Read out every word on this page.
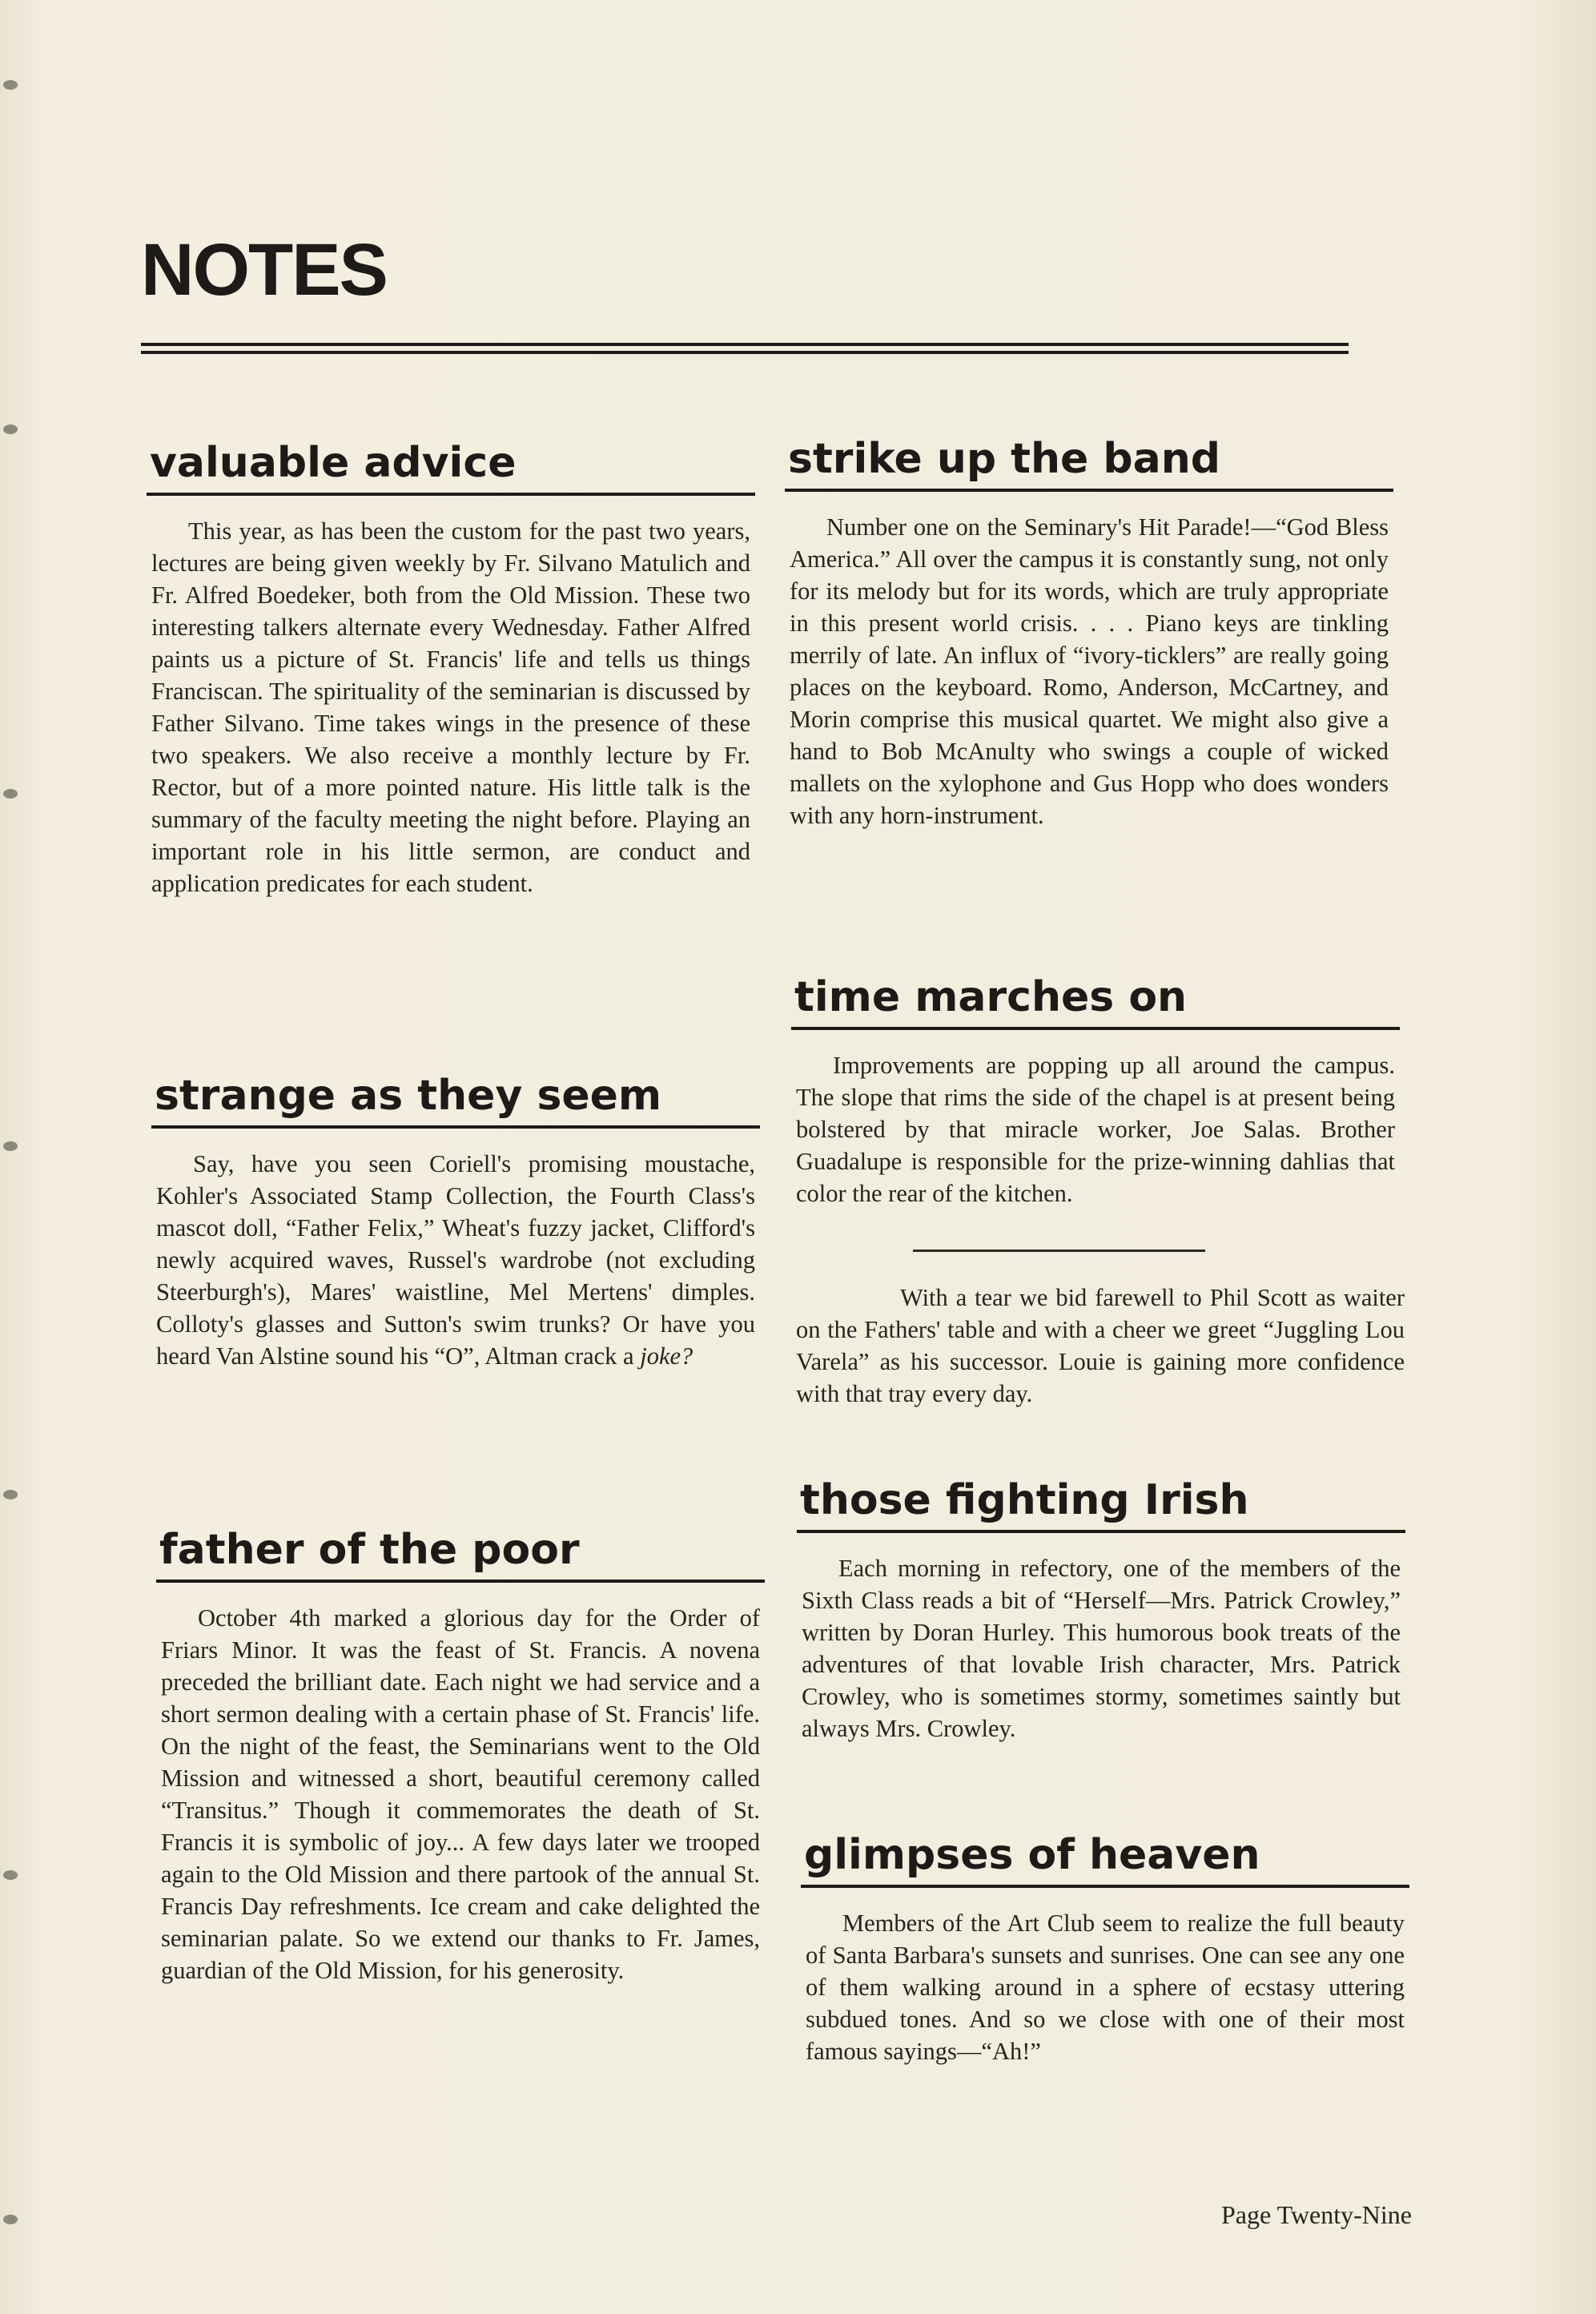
NOTES
valuable advice

This year, as has been the custom for the past two years, lectures are being given weekly by Fr. Silvano Matulich and Fr. Alfred Boedeker, both from the Old Mission. These two interesting talkers alternate every Wednesday. Father Alfred paints us a picture of St. Francis' life and tells us things Franciscan. The spirituality of the seminarian is discussed by Father Silvano. Time takes wings in the presence of these two speakers. We also receive a monthly lecture by Fr. Rector, but of a more pointed nature. His little talk is the summary of the faculty meeting the night before. Playing an important role in his little sermon, are conduct and application predicates for each student.

strange as they seem

Say, have you seen Coriell's promising moustache, Kohler's Associated Stamp Collection, the Fourth Class's mascot doll, “Father Felix,” Wheat's fuzzy jacket, Clifford's newly acquired waves, Russel's wardrobe (not excluding Steerburgh's), Mares' waistline, Mel Mertens' dimples. Colloty's glasses and Sutton's swim trunks? Or have you heard Van Alstine sound his “O”, Altman crack a joke?

father of the poor

October 4th marked a glorious day for the Order of Friars Minor. It was the feast of St. Francis. A novena preceded the brilliant date. Each night we had service and a short sermon dealing with a certain phase of St. Francis' life. On the night of the feast, the Seminarians went to the Old Mission and witnessed a short, beautiful ceremony called “Transitus.” Though it commemorates the death of St. Francis it is symbolic of joy... A few days later we trooped again to the Old Mission and there partook of the annual St. Francis Day refreshments. Ice cream and cake delighted the seminarian palate. So we extend our thanks to Fr. James, guardian of the Old Mission, for his generosity.

strike up the band

Number one on the Seminary's Hit Parade!—“God Bless America.” All over the campus it is constantly sung, not only for its melody but for its words, which are truly appropriate in this present world crisis. . . . Piano keys are tinkling merrily of late. An influx of “ivory-ticklers” are really going places on the keyboard. Romo, Anderson, McCartney, and Morin comprise this musical quartet. We might also give a hand to Bob McAnulty who swings a couple of wicked mallets on the xylophone and Gus Hopp who does wonders with any horn-instrument.

time marches on

Improvements are popping up all around the campus. The slope that rims the side of the chapel is at present being bolstered by that miracle worker, Joe Salas. Brother Guadalupe is responsible for the prize-winning dahlias that color the rear of the kitchen.

With a tear we bid farewell to Phil Scott as waiter on the Fathers' table and with a cheer we greet “Juggling Lou Varela” as his successor. Louie is gaining more confidence with that tray every day.

those fighting Irish

Each morning in refectory, one of the members of the Sixth Class reads a bit of “Herself—Mrs. Patrick Crowley,” written by Doran Hurley. This humorous book treats of the adventures of that lovable Irish character, Mrs. Patrick Crowley, who is sometimes stormy, sometimes saintly but always Mrs. Crowley.

glimpses of heaven

Members of the Art Club seem to realize the full beauty of Santa Barbara's sunsets and sunrises. One can see any one of them walking around in a sphere of ecstasy uttering subdued tones. And so we close with one of their most famous sayings—“Ah!”

Page Twenty-Nine
